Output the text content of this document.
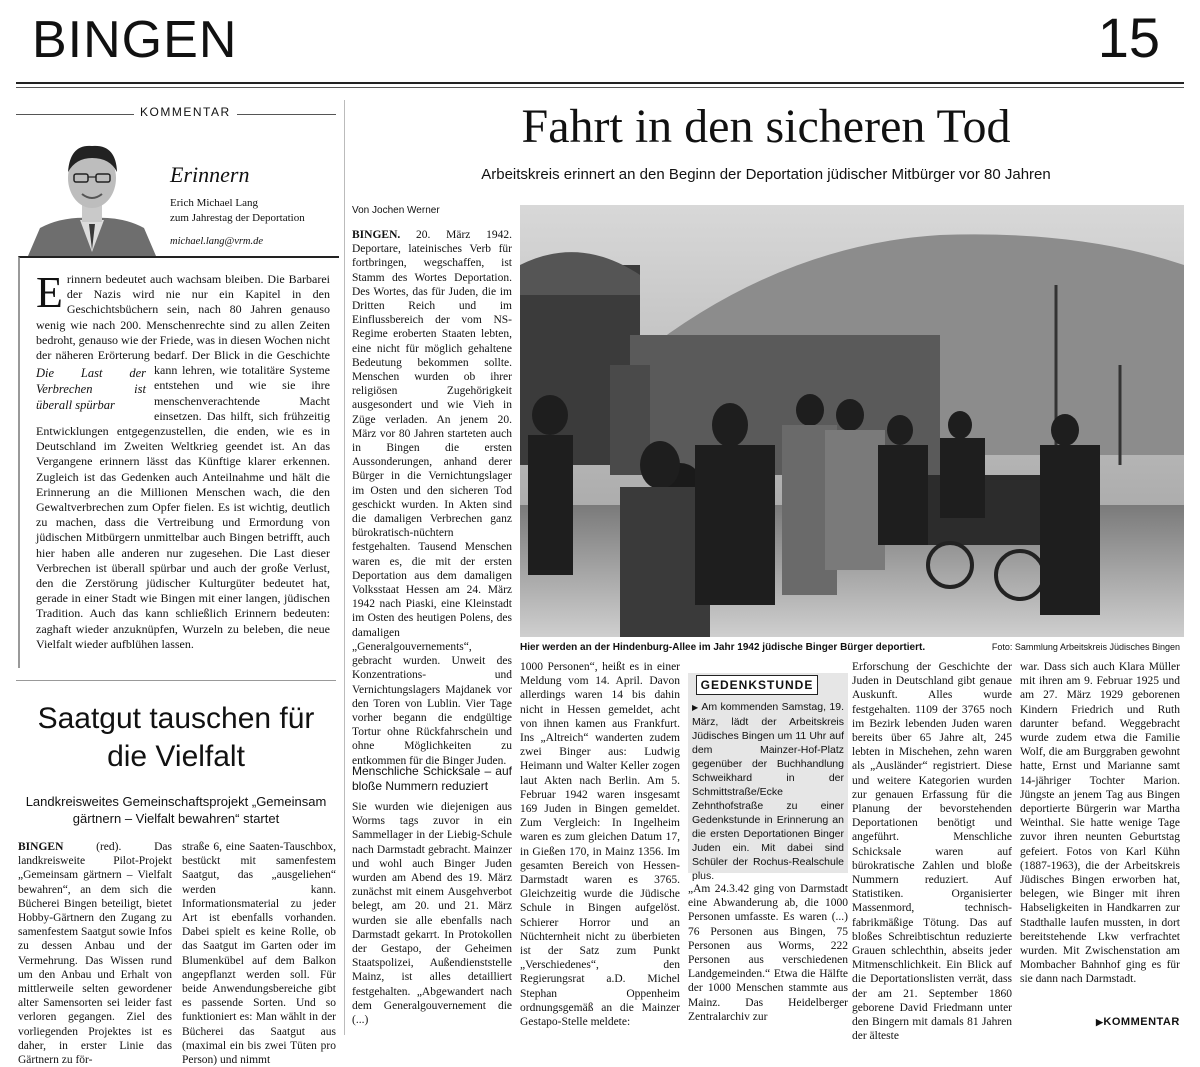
BINGEN	15
KOMMENTAR
Erinnern
Erich Michael Lang
zum Jahrestag der Deportation
michael.lang@vrm.de
Erinnern bedeutet auch wachsam bleiben. Die Barbarei der Nazis wird nie nur ein Kapitel in den Geschichtsbüchern sein, nach 80 Jahren genauso wenig wie nach 200. Menschenrechte sind zu allen Zeiten bedroht, genauso wie der Friede, was in diesen Wochen nicht der näheren Erörterung bedarf. Der Blick in die Geschichte kann lehren, wie totalitäre
Die Last der Verbrechen ist überall spürbar
Systeme entstehen und wie sie ihre menschenverachtende Macht einsetzen. Das hilft, sich frühzeitig Entwicklungen entgegenzustellen, die enden, wie es in Deutschland im Zweiten Weltkrieg geendet ist. An das Vergangene erinnern lässt das Künftige klarer erkennen. Zugleich ist das Gedenken auch Anteilnahme und hält die Erinnerung an die Millionen Menschen wach, die den Gewaltverbrechen zum Opfer fielen. Es ist wichtig, deutlich zu machen, dass die Vertreibung und Ermordung von jüdischen Mitbürgern unmittelbar auch Bingen betrifft, auch hier haben alle anderen nur zugesehen. Die Last dieser Verbrechen ist überall spürbar und auch der große Verlust, den die Zerstörung jüdischer Kulturgüter bedeutet hat, gerade in einer Stadt wie Bingen mit einer langen, jüdischen Tradition. Auch das kann schließlich Erinnern bedeuten: zaghaft wieder anzuknüpfen, Wurzeln zu beleben, die neue Vielfalt wieder aufblühen lassen.
Saatgut tauschen für die Vielfalt
Landkreisweites Gemeinschaftsprojekt „Gemeinsam gärtnern – Vielfalt bewahren“ startet
BINGEN	(red). Das landkreisweite Pilot-Projekt „Gemeinsam gärtnern – Vielfalt bewahren“, an dem sich die Bücherei Bingen beteiligt, bietet Hobby-Gärtnern den Zugang zu samenfestem Saatgut sowie Infos zu dessen Anbau und der Vermehrung. Das Wissen rund um den Anbau und Erhalt von mittlerweile selten gewordener alter Samensorten sei leider fast verloren gegangen. Ziel des vorliegenden Projektes ist es daher, in erster Linie das Gärtnern zu för-
straße 6, eine Saaten-Tauschbox, bestückt mit samenfestem Saatgut, das „ausgeliehen“ werden kann. Informationsmaterial zu jeder Art ist ebenfalls vorhanden. Dabei spielt es keine Rolle, ob das Saatgut im Garten oder im Blumenkübel auf dem Balkon angepflanzt werden soll. Für beide Anwendungsbereiche gibt es passende Sorten. Und so funktioniert es: Man wählt in der Bücherei das Saatgut aus (maximal ein bis zwei Tüten pro Person) und nimmt
Fahrt in den sicheren Tod
Arbeitskreis erinnert an den Beginn der Deportation jüdischer Mitbürger vor 80 Jahren
Von Jochen Werner
Hier werden an der Hindenburg-Allee im Jahr 1942 jüdische Binger Bürger deportiert.	Foto: Sammlung Arbeitskreis Jüdisches Bingen
BINGEN. 20. März 1942. Deportare, lateinisches Verb für fortbringen, wegschaffen, ist Stamm des Wortes Deportation. Des Wortes, das für Juden, die im Dritten Reich und im Einflussbereich der vom NS-Regime eroberten Staaten lebten, eine nicht für möglich gehaltene Bedeutung bekommen sollte. Menschen wurden ob ihrer religiösen Zugehörigkeit ausgesondert und wie Vieh in Züge verladen. An jenem 20. März vor 80 Jahren starteten auch in Bingen die ersten Aussonderungen, anhand derer Bürger in die Vernichtungslager im Osten und den sicheren Tod geschickt wurden. In Akten sind die damaligen Verbrechen ganz bürokratisch-nüchtern festgehalten. Tausend Menschen waren es, die mit der ersten Deportation aus dem damaligen Volksstaat Hessen am 24. März 1942 nach Piaski, eine Kleinstadt im Osten des heutigen Polens, des damaligen „Generalgouvernements“, gebracht wurden. Unweit des Konzentrations- und Vernichtungslagers Majdanek vor den Toren von Lublin. Vier Tage vorher begann die endgültige Tortur ohne Rückfahrschein und ohne Möglichkeiten zu entkommen für die Binger Juden.
Menschliche Schicksale – auf bloße Nummern reduziert
Sie wurden wie diejenigen aus Worms tags zuvor in ein Sammellager in der Liebig-Schule nach Darmstadt gebracht. Mainzer und wohl auch Binger Juden wurden am Abend des 19. März zunächst mit einem Ausgehverbot belegt, am 20. und 21. März wurden sie alle ebenfalls nach Darmstadt gekarrt. In Protokollen der Gestapo, der Geheimen Staatspolizei, Außendienststelle Mainz, ist alles detailliert festgehalten. „Abgewandert nach dem Generalgouvernement die (...)
1000 Personen“, heißt es in einer Meldung vom 14. April. Davon allerdings waren 14 bis dahin nicht in Hessen gemeldet, acht von ihnen kamen aus Frankfurt. Ins „Altreich“ wanderten zudem zwei Binger aus: Ludwig Heimann und Walter Keller zogen laut Akten nach Berlin. Am 5. Februar 1942 waren insgesamt 169 Juden in Bingen gemeldet. Zum Vergleich: In Ingelheim waren es zum gleichen Datum 17, in Gießen 170, in Mainz 1356. Im gesamten Bereich von Hessen-Darmstadt waren es 3765. Gleichzeitig wurde die Jüdische Schule in Bingen aufgelöst. Schierer Horror und an Nüchternheit nicht zu überbieten ist der Satz zum Punkt „Verschiedenes“, den Regierungsrat a.D. Michel Stephan Oppenheim ordnungsgemäß an die Mainzer Gestapo-Stelle meldete:
GEDENKSTUNDE
▶ Am kommenden Samstag, 19. März, lädt der Arbeitskreis Jüdisches Bingen um 11 Uhr auf dem Mainzer-Hof-Platz gegenüber der Buchhandlung Schweikhard in der Schmittstraße/Ecke Zehnthofstraße zu einer Gedenkstunde in Erinnerung an die ersten Deportationen Binger Juden ein. Mit dabei sind Schüler der Rochus-Realschule plus.
„Am 24.3.42 ging von Darmstadt eine Abwanderung ab, die 1000 Personen umfasste. Es waren (...) 76 Personen aus Bingen, 75 Personen aus Worms, 222 Personen aus verschiedenen Landgemeinden.“ Etwa die Hälfte der 1000 Menschen stammte aus Mainz. Das Heidelberger Zentralarchiv zur
Erforschung der Geschichte der Juden in Deutschland gibt genaue Auskunft. Alles wurde festgehalten. 1109 der 3765 noch im Bezirk lebenden Juden waren bereits über 65 Jahre alt, 245 lebten in Mischehen, zehn waren als „Ausländer“ registriert. Diese und weitere Kategorien wurden zur genauen Erfassung für die Planung der bevorstehenden Deportationen benötigt und angeführt. Menschliche Schicksale waren auf bürokratische Zahlen und bloße Nummern reduziert. Auf Statistiken. Organisierter Massenmord, technisch-fabrikmäßige Tötung. Das auf bloßes Schreibtischtun reduzierte Grauen schlechthin, abseits jeder Mitmenschlichkeit. Ein Blick auf die Deportationslisten verrät, dass der am 21. September 1860 geborene David Friedmann unter den Bingern mit damals 81 Jahren der älteste
war. Dass sich auch Klara Müller mit ihren am 9. Februar 1925 und am 27. März 1929 geborenen Kindern Friedrich und Ruth darunter befand. Weggebracht wurde zudem etwa die Familie Wolf, die am Burggraben gewohnt hatte, Ernst und Marianne samt 14-jähriger Tochter Marion. Jüngste an jenem Tag aus Bingen deportierte Bürgerin war Martha Weinthal. Sie hatte wenige Tage zuvor ihren neunten Geburtstag gefeiert. Fotos von Karl Kühn (1887-1963), die der Arbeitskreis Jüdisches Bingen erworben hat, belegen, wie Binger mit ihren Habseligkeiten in Handkarren zur Stadthalle laufen mussten, in dort bereitstehende Lkw verfrachtet wurden. Mit Zwischenstation am Mombacher Bahnhof ging es für sie dann nach Darmstadt.
▶KOMMENTAR
